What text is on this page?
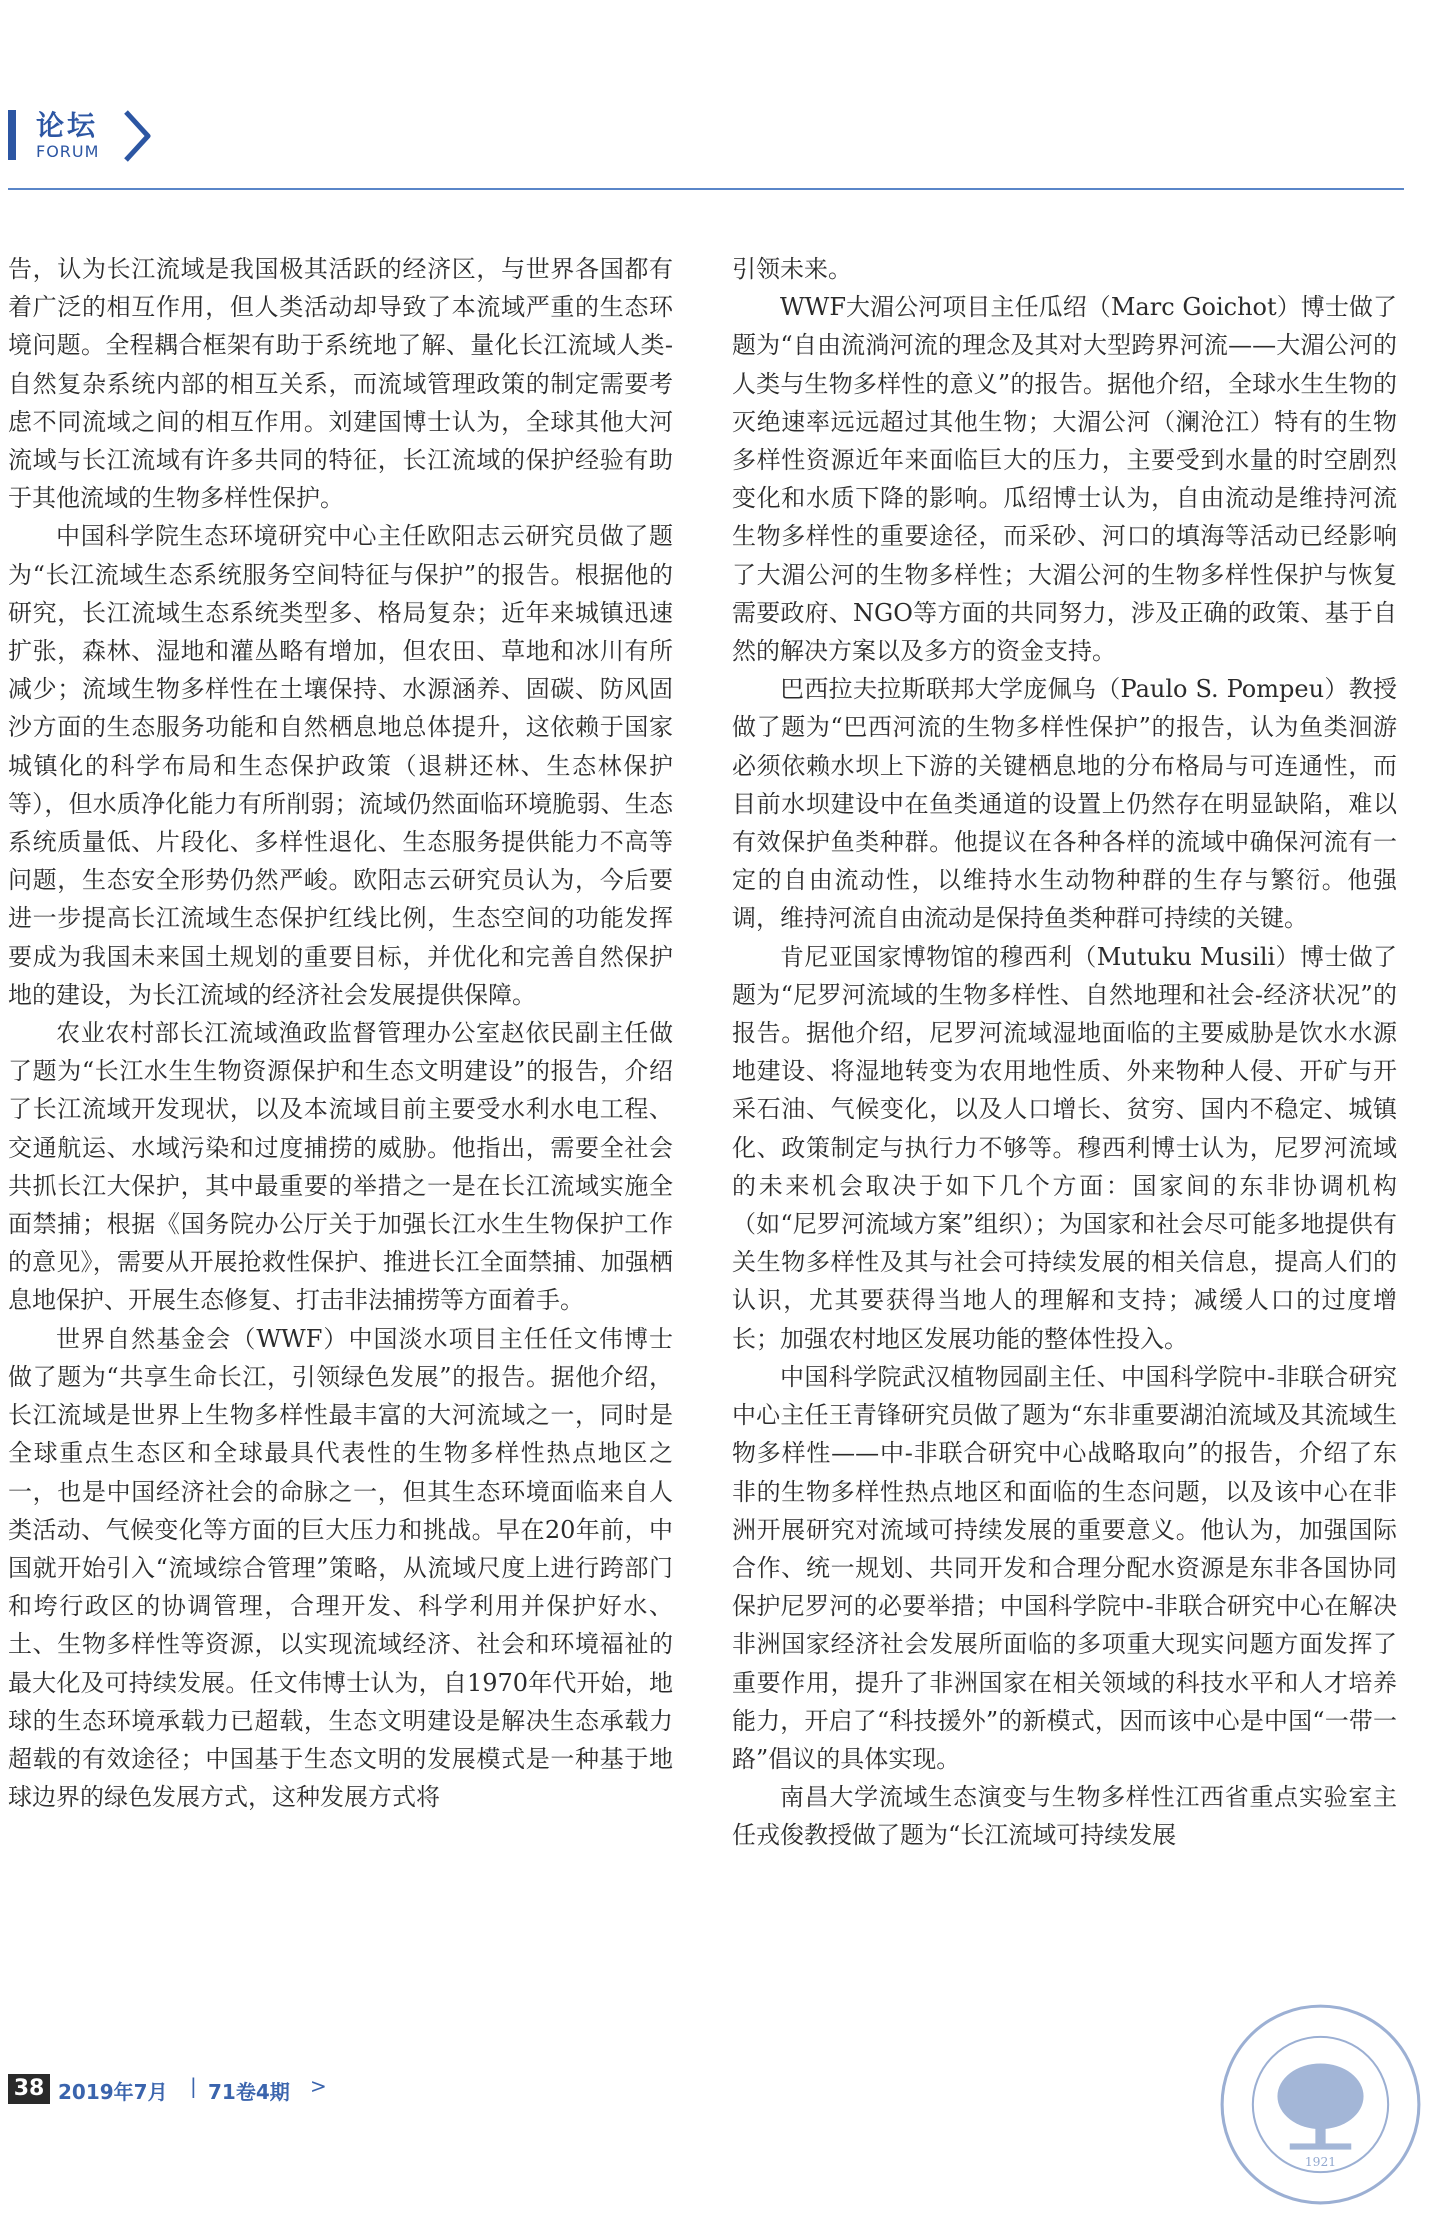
论坛
FORUM

告，认为长江流域是我国极其活跃的经济区，与世界各国都有着广泛的相互作用，但人类活动却导致了本流域严重的生态环境问题。全程耦合框架有助于系统地了解、量化长江流域人类-自然复杂系统内部的相互关系，而流域管理政策的制定需要考虑不同流域之间的相互作用。刘建国博士认为，全球其他大河流域与长江流域有许多共同的特征，长江流域的保护经验有助于其他流域的生物多样性保护。

中国科学院生态环境研究中心主任欧阳志云研究员做了题为“长江流域生态系统服务空间特征与保护”的报告。根据他的研究，长江流域生态系统类型多、格局复杂；近年来城镇迅速扩张，森林、湿地和灌丛略有增加，但农田、草地和冰川有所减少；流域生物多样性在土壤保持、水源涵养、固碳、防风固沙方面的生态服务功能和自然栖息地总体提升，这依赖于国家城镇化的科学布局和生态保护政策（退耕还林、生态林保护等），但水质净化能力有所削弱；流域仍然面临环境脆弱、生态系统质量低、片段化、多样性退化、生态服务提供能力不高等问题，生态安全形势仍然严峻。欧阳志云研究员认为，今后要进一步提高长江流域生态保护红线比例，生态空间的功能发挥要成为我国未来国土规划的重要目标，并优化和完善自然保护地的建设，为长江流域的经济社会发展提供保障。

农业农村部长江流域渔政监督管理办公室赵依民副主任做了题为“长江水生生物资源保护和生态文明建设”的报告，介绍了长江流域开发现状，以及本流域目前主要受水利水电工程、交通航运、水域污染和过度捕捞的威胁。他指出，需要全社会共抓长江大保护，其中最重要的举措之一是在长江流域实施全面禁捕；根据《国务院办公厅关于加强长江水生生物保护工作的意见》，需要从开展抢救性保护、推进长江全面禁捕、加强栖息地保护、开展生态修复、打击非法捕捞等方面着手。

世界自然基金会（WWF）中国淡水项目主任任文伟博士做了题为“共享生命长江，引领绿色发展”的报告。据他介绍，长江流域是世界上生物多样性最丰富的大河流域之一，同时是全球重点生态区和全球最具代表性的生物多样性热点地区之一，也是中国经济社会的命脉之一，但其生态环境面临来自人类活动、气候变化等方面的巨大压力和挑战。早在20年前，中国就开始引入“流域综合管理”策略，从流域尺度上进行跨部门和垮行政区的协调管理，合理开发、科学利用并保护好水、土、生物多样性等资源，以实现流域经济、社会和环境福祉的最大化及可持续发展。任文伟博士认为，自1970年代开始，地球的生态环境承载力已超载，生态文明建设是解决生态承载力超载的有效途径；中国基于生态文明的发展模式是一种基于地球边界的绿色发展方式，这种发展方式将

引领未来。

WWF大湄公河项目主任瓜绍（Marc Goichot）博士做了题为“自由流淌河流的理念及其对大型跨界河流——大湄公河的人类与生物多样性的意义”的报告。据他介绍，全球水生生物的灭绝速率远远超过其他生物；大湄公河（澜沧江）特有的生物多样性资源近年来面临巨大的压力，主要受到水量的时空剧烈变化和水质下降的影响。瓜绍博士认为，自由流动是维持河流生物多样性的重要途径，而采砂、河口的填海等活动已经影响了大湄公河的生物多样性；大湄公河的生物多样性保护与恢复需要政府、NGO等方面的共同努力，涉及正确的政策、基于自然的解决方案以及多方的资金支持。

巴西拉夫拉斯联邦大学庞佩乌（Paulo S. Pompeu）教授做了题为“巴西河流的生物多样性保护”的报告，认为鱼类洄游必须依赖水坝上下游的关键栖息地的分布格局与可连通性，而目前水坝建设中在鱼类通道的设置上仍然存在明显缺陷，难以有效保护鱼类种群。他提议在各种各样的流域中确保河流有一定的自由流动性，以维持水生动物种群的生存与繁衍。他强调，维持河流自由流动是保持鱼类种群可持续的关键。

肯尼亚国家博物馆的穆西利（Mutuku Musili）博士做了题为“尼罗河流域的生物多样性、自然地理和社会-经济状况”的报告。据他介绍，尼罗河流域湿地面临的主要威胁是饮水水源地建设、将湿地转变为农用地性质、外来物种人侵、开矿与开采石油、气候变化，以及人口增长、贫穷、国内不稳定、城镇化、政策制定与执行力不够等。穆西利博士认为，尼罗河流域的未来机会取决于如下几个方面：国家间的东非协调机构（如“尼罗河流域方案”组织）；为国家和社会尽可能多地提供有关生物多样性及其与社会可持续发展的相关信息，提高人们的认识，尤其要获得当地人的理解和支持；减缓人口的过度增长；加强农村地区发展功能的整体性投入。

中国科学院武汉植物园副主任、中国科学院中-非联合研究中心主任王青锋研究员做了题为“东非重要湖泊流域及其流域生物多样性——中-非联合研究中心战略取向”的报告，介绍了东非的生物多样性热点地区和面临的生态问题，以及该中心在非洲开展研究对流域可持续发展的重要意义。他认为，加强国际合作、统一规划、共同开发和合理分配水资源是东非各国协同保护尼罗河的必要举措；中国科学院中-非联合研究中心在解决非洲国家经济社会发展所面临的多项重大现实问题方面发挥了重要作用，提升了非洲国家在相关领域的科技水平和人才培养能力，开启了“科技援外”的新模式，因而该中心是中国“一带一路”倡议的具体实现。

南昌大学流域生态演变与生物多样性江西省重点实验室主任戎俊教授做了题为“长江流域可持续发展

38 2019年7月 | 71卷4期 >
1921
